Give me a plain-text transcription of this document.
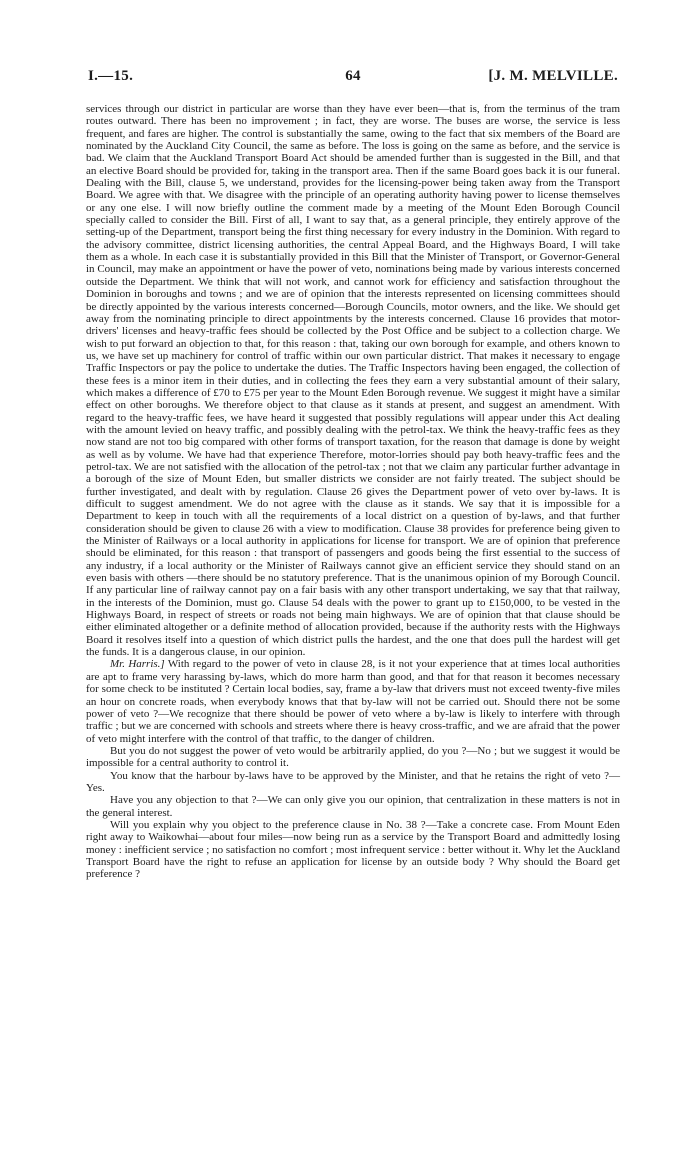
I.—15.	64	[J. M. MELVILLE.

services through our district in particular are worse than they have ever been—that is, from the terminus of the tram routes outward. There has been no improvement ; in fact, they are worse. The buses are worse, the service is less frequent, and fares are higher. The control is substantially the same, owing to the fact that six members of the Board are nominated by the Auckland City Council, the same as before. The loss is going on the same as before, and the service is bad. We claim that the Auckland Transport Board Act should be amended further than is suggested in the Bill, and that an elective Board should be provided for, taking in the transport area. Then if the same Board goes back it is our funeral. Dealing with the Bill, clause 5, we understand, provides for the licensing-power being taken away from the Transport Board. We agree with that. We disagree with the principle of an operating authority having power to license themselves or any one else. I will now briefly outline the comment made by a meeting of the Mount Eden Borough Council specially called to consider the Bill. First of all, I want to say that, as a general principle, they entirely approve of the setting-up of the Department, transport being the first thing necessary for every industry in the Dominion. With regard to the advisory committee, district licensing authorities, the central Appeal Board, and the Highways Board, I will take them as a whole. In each case it is substantially provided in this Bill that the Minister of Transport, or Governor-General in Council, may make an appointment or have the power of veto, nominations being made by various interests concerned outside the Department. We think that will not work, and cannot work for efficiency and satisfaction throughout the Dominion in boroughs and towns ; and we are of opinion that the interests represented on licensing committees should be directly appointed by the various interests concerned—Borough Councils, motor owners, and the like. We should get away from the nominating principle to direct appointments by the interests concerned. Clause 16 provides that motor-drivers' licenses and heavy-traffic fees should be collected by the Post Office and be subject to a collection charge. We wish to put forward an objection to that, for this reason : that, taking our own borough for example, and others known to us, we have set up machinery for control of traffic within our own particular district. That makes it necessary to engage Traffic Inspectors or pay the police to undertake the duties. The Traffic Inspectors having been engaged, the collection of these fees is a minor item in their duties, and in collecting the fees they earn a very substantial amount of their salary, which makes a difference of £70 to £75 per year to the Mount Eden Borough revenue. We suggest it might have a similar effect on other boroughs. We therefore object to that clause as it stands at present, and suggest an amendment. With regard to the heavy-traffic fees, we have heard it suggested that possibly regulations will appear under this Act dealing with the amount levied on heavy traffic, and possibly dealing with the petrol-tax. We think the heavy-traffic fees as they now stand are not too big compared with other forms of transport taxation, for the reason that damage is done by weight as well as by volume. We have had that experience Therefore, motor-lorries should pay both heavy-traffic fees and the petrol-tax. We are not satisfied with the allocation of the petrol-tax ; not that we claim any particular further advantage in a borough of the size of Mount Eden, but smaller districts we consider are not fairly treated. The subject should be further investigated, and dealt with by regulation. Clause 26 gives the Department power of veto over by-laws. It is difficult to suggest amendment. We do not agree with the clause as it stands. We say that it is impossible for a Department to keep in touch with all the requirements of a local district on a question of by-laws, and that further consideration should be given to clause 26 with a view to modification. Clause 38 provides for preference being given to the Minister of Railways or a local authority in applications for license for transport. We are of opinion that preference should be eliminated, for this reason : that transport of passengers and goods being the first essential to the success of any industry, if a local authority or the Minister of Railways cannot give an efficient service they should stand on an even basis with others —there should be no statutory preference. That is the unanimous opinion of my Borough Council. If any particular line of railway cannot pay on a fair basis with any other transport undertaking, we say that that railway, in the interests of the Dominion, must go. Clause 54 deals with the power to grant up to £150,000, to be vested in the Highways Board, in respect of streets or roads not being main highways. We are of opinion that that clause should be either eliminated altogether or a definite method of allocation provided, because if the authority rests with the Highways Board it resolves itself into a question of which district pulls the hardest, and the one that does pull the hardest will get the funds. It is a dangerous clause, in our opinion.

Mr. Harris.] With regard to the power of veto in clause 28, is it not your experience that at times local authorities are apt to frame very harassing by-laws, which do more harm than good, and that for that reason it becomes necessary for some check to be instituted ? Certain local bodies, say, frame a by-law that drivers must not exceed twenty-five miles an hour on concrete roads, when everybody knows that that by-law will not be carried out. Should there not be some power of veto ?—We recognize that there should be power of veto where a by-law is likely to interfere with through traffic ; but we are concerned with schools and streets where there is heavy cross-traffic, and we are afraid that the power of veto might interfere with the control of that traffic, to the danger of children.

But you do not suggest the power of veto would be arbitrarily applied, do you ?—No ; but we suggest it would be impossible for a central authority to control it.

You know that the harbour by-laws have to be approved by the Minister, and that he retains the right of veto ?—Yes.

Have you any objection to that ?—We can only give you our opinion, that centralization in these matters is not in the general interest.

Will you explain why you object to the preference clause in No. 38 ?—Take a concrete case. From Mount Eden right away to Waikowhai—about four miles—now being run as a service by the Transport Board and admittedly losing money : inefficient service ; no satisfaction no comfort ; most infrequent service : better without it. Why let the Auckland Transport Board have the right to refuse an application for license by an outside body ? Why should the Board get preference ?
